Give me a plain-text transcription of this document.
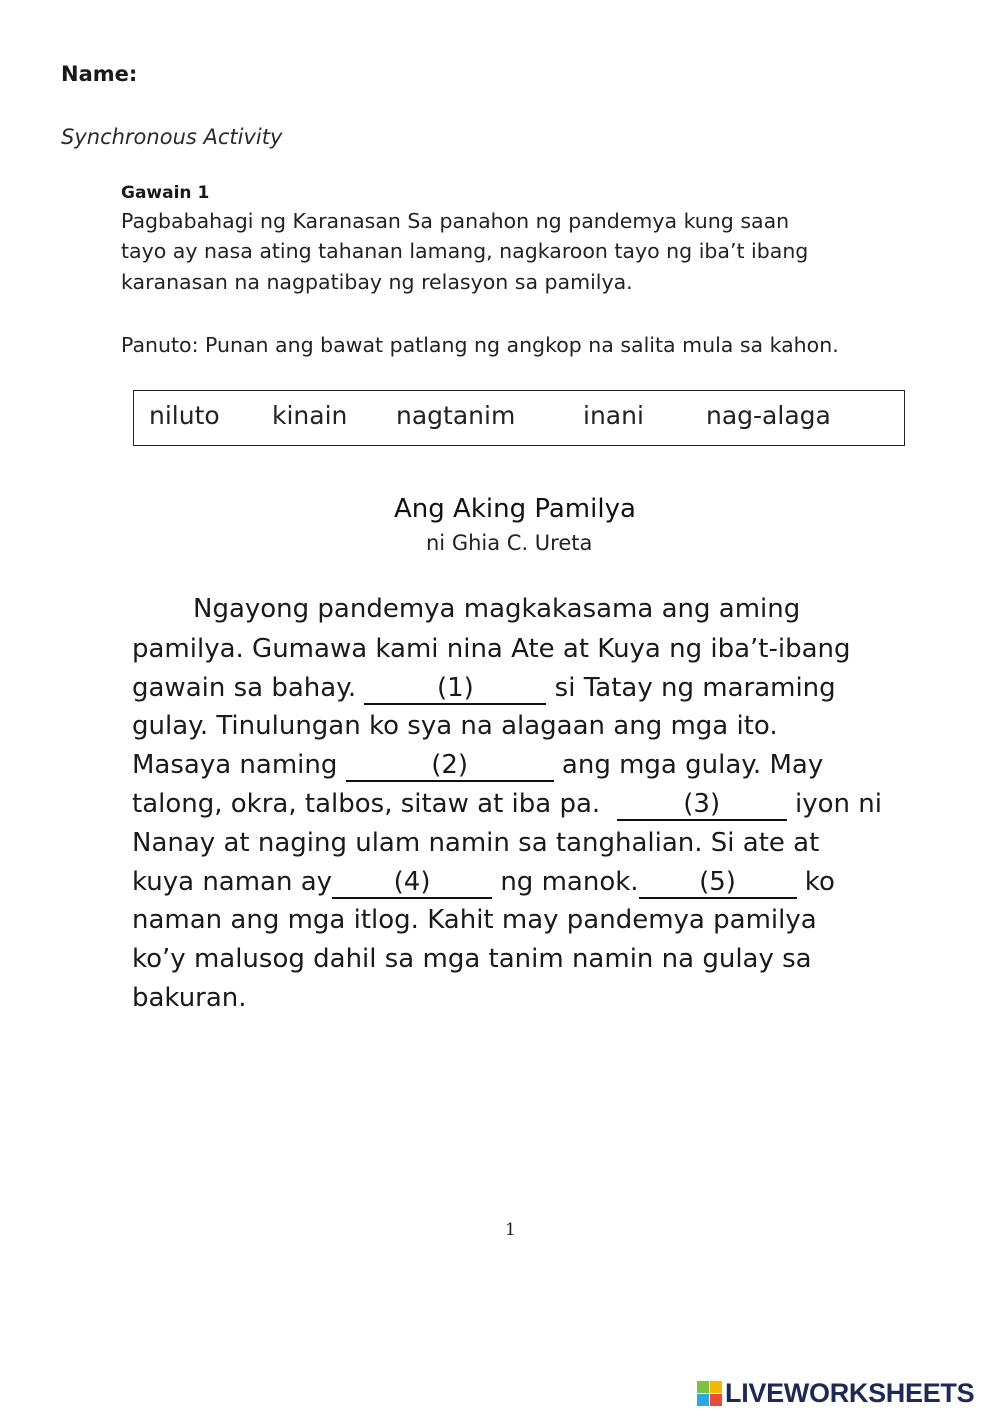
Name:
Synchronous Activity
Gawain 1
Pagbabahagi ng Karanasan Sa panahon ng pandemya kung saan
tayo ay nasa ating tahanan lamang, nagkaroon tayo ng iba’t ibang
karanasan na nagpatibay ng relasyon sa pamilya.
Panuto: Punan ang bawat patlang ng angkop na salita mula sa kahon.
niluto kinain nagtanim	inani nag-alaga
Ang Aking Pamilya
ni Ghia C. Ureta
Ngayong pandemya magkakasama ang aming
pamilya. Gumawa kami nina Ate at Kuya ng iba’t-ibang
gawain sa bahay.	(1)	si Tatay ng maraming
gulay. Tinulungan ko sya na alagaan ang mga ito.
Masaya naming	(2)	ang mga gulay. May
talong, okra, talbos, sitaw at iba pa.	(3)	iyon ni
Nanay at naging ulam namin sa tanghalian. Si ate at
kuya naman ay (4) ng manok. (5) ko
naman ang mga itlog. Kahit may pandemya pamilya
ko’y malusog dahil sa mga tanim namin na gulay sa
bakuran.
1
LIVEWORKSHEETS
